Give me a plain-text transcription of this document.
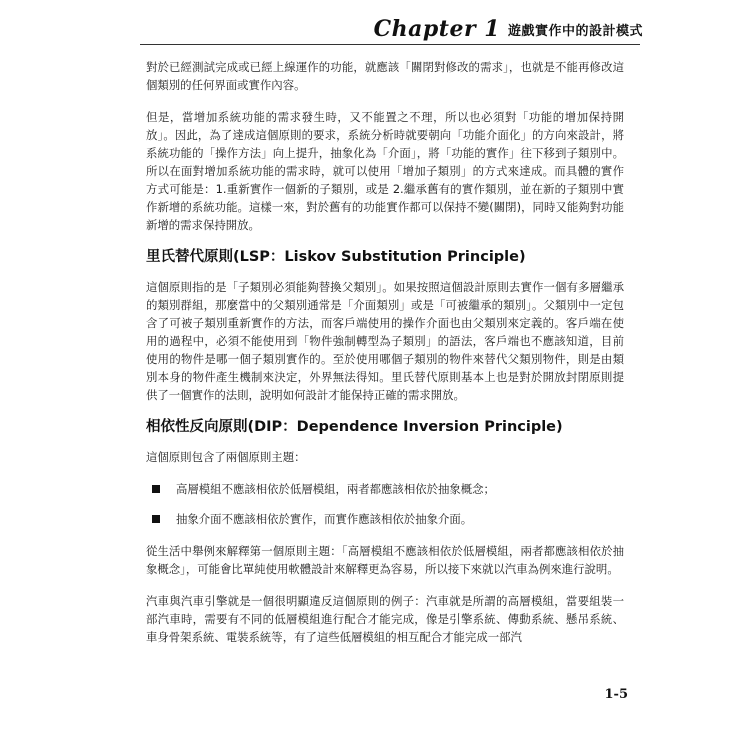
Chapter 1 遊戲實作中的設計模式

對於已經測試完成或已經上線運作的功能，就應該「關閉對修改的需求」，也就是不能再修改這個類別的任何界面或實作內容。

但是，當增加系統功能的需求發生時，又不能置之不理，所以也必須對「功能的增加保持開放」。因此，為了達成這個原則的要求，系統分析時就要朝向「功能介面化」的方向來設計，將系統功能的「操作方法」向上提升，抽象化為「介面」，將「功能的實作」往下移到子類別中。所以在面對增加系統功能的需求時，就可以使用「增加子類別」的方式來達成。而具體的實作方式可能是：1.重新實作一個新的子類別，或是 2.繼承舊有的實作類別，並在新的子類別中實作新增的系統功能。這樣一來，對於舊有的功能實作都可以保持不變(關閉)，同時又能夠對功能新增的需求保持開放。

里氏替代原則(LSP：Liskov Substitution Principle)

這個原則指的是「子類別必須能夠替換父類別」。如果按照這個設計原則去實作一個有多層繼承的類別群組，那麼當中的父類別通常是「介面類別」或是「可被繼承的類別」。父類別中一定包含了可被子類別重新實作的方法，而客戶端使用的操作介面也由父類別來定義的。客戶端在使用的過程中，必須不能使用到「物件強制轉型為子類別」的語法，客戶端也不應該知道，目前使用的物件是哪一個子類別實作的。至於使用哪個子類別的物件來替代父類別物件，則是由類別本身的物件產生機制來決定，外界無法得知。里氏替代原則基本上也是對於開放封閉原則提供了一個實作的法則，說明如何設計才能保持正確的需求開放。

相依性反向原則(DIP：Dependence Inversion Principle)

這個原則包含了兩個原則主題：

高層模組不應該相依於低層模組，兩者都應該相依於抽象概念；
抽象介面不應該相依於實作，而實作應該相依於抽象介面。

從生活中舉例來解釋第一個原則主題：「高層模組不應該相依於低層模組，兩者都應該相依於抽象概念」，可能會比單純使用軟體設計來解釋更為容易，所以接下來就以汽車為例來進行說明。

汽車與汽車引擎就是一個很明顯違反這個原則的例子：汽車就是所謂的高層模組，當要組裝一部汽車時，需要有不同的低層模組進行配合才能完成，像是引擎系統、傳動系統、懸吊系統、車身骨架系統、電裝系統等，有了這些低層模組的相互配合才能完成一部汽

1-5
